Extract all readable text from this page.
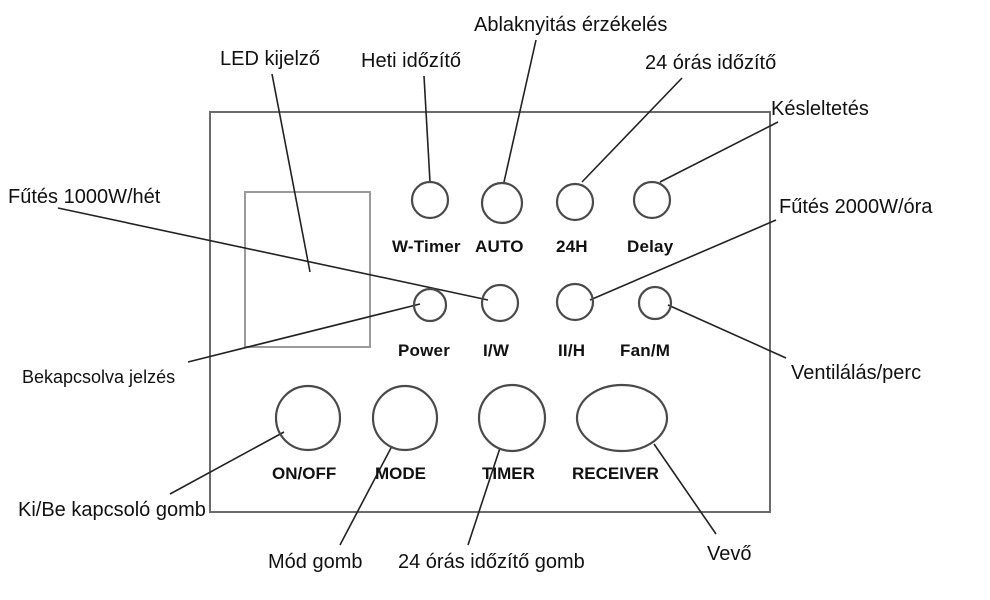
W-Timer AUTO 24H Delay
Power I/W	II/H Fan/M
ON/OFF MODE	TIMER RECEIVER
Ablaknyitás érzékelés
LED kijelző Heti időzítő	24 órás időzítő
Késleltetés
Fűtés 1000W/hét	Fűtés 2000W/óra
Bekapcsolva jelzés	Ventilálás/perc
Ki/Be kapcsoló gomb
Mód gomb 24 órás időzítő gomb	Vevő
